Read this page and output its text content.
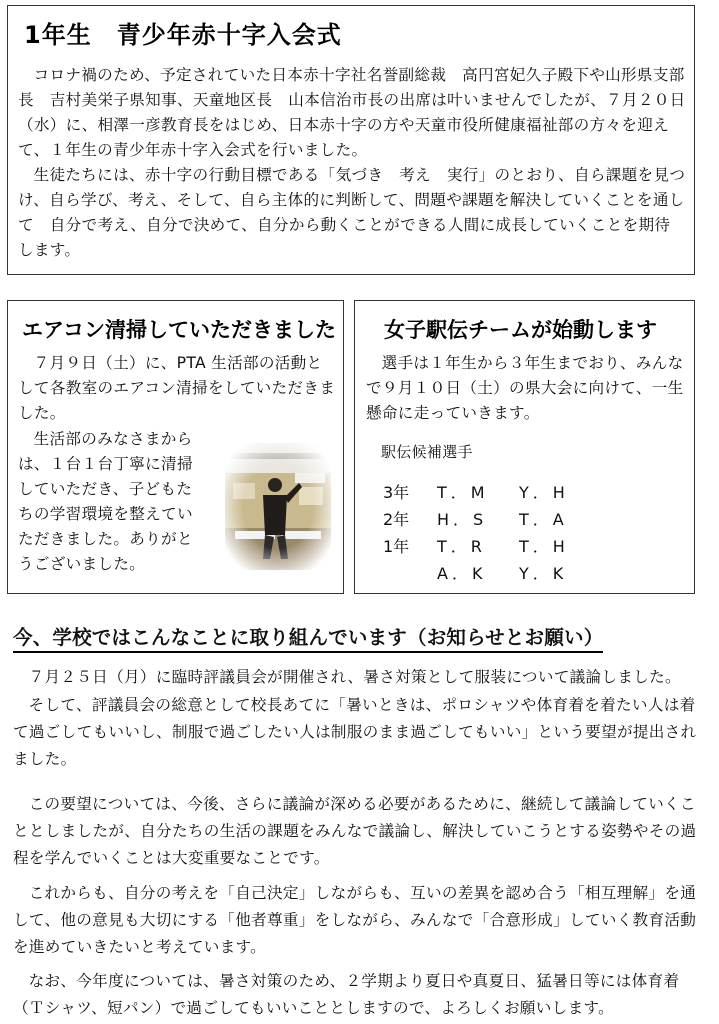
1年生　青少年赤十字入会式

コロナ禍のため、予定されていた日本赤十字社名誉副総裁　高円宮妃久子殿下や山形県支部長　吉村美栄子県知事、天童地区長　山本信治市長の出席は叶いませんでしたが、７月２０日（水）に、相澤一彦教育長をはじめ、日本赤十字の方や天童市役所健康福祉部の方々を迎えて、１年生の青少年赤十字入会式を行いました。

生徒たちには、赤十字の行動目標である「気づき　考え　実行」のとおり、自ら課題を見つけ、自ら学び、考え、そして、自ら主体的に判断して、問題や課題を解決していくことを通して　自分で考え、自分で決めて、自分から動くことができる人間に成長していくことを期待します。

エアコン清掃していただきました

７月９日（土）に、PTA 生活部の活動として各教室のエアコン清掃をしていただきました。

生活部のみなさまから
は、１台１台丁寧に清掃
していただき、子どもた
ちの学習環境を整えてい
ただきました。ありがと
うございました。
女子駅伝チームが始動します

選手は１年生から３年生までおり、みんなで９月１０日（土）の県大会に向けて、一生懸命に走っていきます。

駅伝候補選手
3年	T．M	Y．H
2年	H．S	T．A
1年	T．R	T．H
A．K	Y．K
今、学校ではこんなことに取り組んでいます（お知らせとお願い）

７月２５日（月）に臨時評議員会が開催され、暑さ対策として服装について議論しました。

そして、評議員会の総意として校長あてに「暑いときは、ポロシャツや体育着を着たい人は着て過ごしてもいいし、制服で過ごしたい人は制服のまま過ごしてもいい」という要望が提出されました。

この要望については、今後、さらに議論が深める必要があるために、継続して議論していくこととしましたが、自分たちの生活の課題をみんなで議論し、解決していこうとする姿勢やその過程を学んでいくことは大変重要なことです。

これからも、自分の考えを「自己決定」しながらも、互いの差異を認め合う「相互理解」を通して、他の意見も大切にする「他者尊重」をしながら、みんなで「合意形成」していく教育活動を進めていきたいと考えています。

なお、今年度については、暑さ対策のため、２学期より夏日や真夏日、猛暑日等には体育着（Ｔシャツ、短パン）で過ごしてもいいこととしますので、よろしくお願いします。
